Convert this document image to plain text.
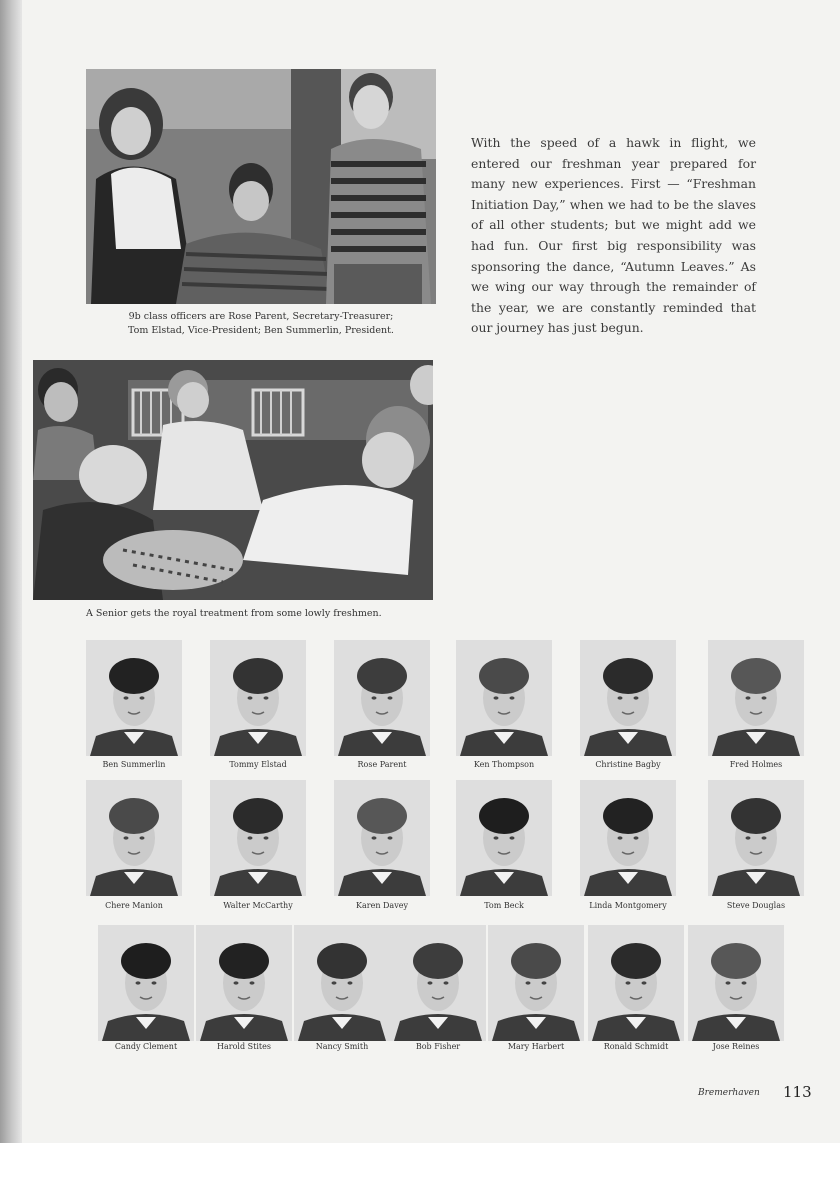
9b class officers are Rose Parent, Secretary-Treasurer;
Tom Elstad, Vice-President; Ben Summerlin, President.

With the speed of a hawk in flight, we entered our freshman year prepared for many new experiences. First — “Freshman Initiation Day,” when we had to be the slaves of all other students; but we might add we had fun. Our first big responsibility was sponsoring the dance, “Autumn Leaves.” As we wing our way through the remainder of the year, we are constantly reminded that our journey has just begun.

A Senior gets the royal treatment from some lowly freshmen.
Ben Summerlin	Tommy Elstad	Rose Parent	Ken Thompson	Christine Bagby	Fred Holmes
Chere Manion	Walter McCarthy	Karen Davey	Tom Beck	Linda Montgomery	Steve Douglas
Candy Clement	Harold Stites	Nancy Smith	Bob Fisher	Mary Harbert	Ronald Schmidt	Jose Reines
Bremerhaven 113
